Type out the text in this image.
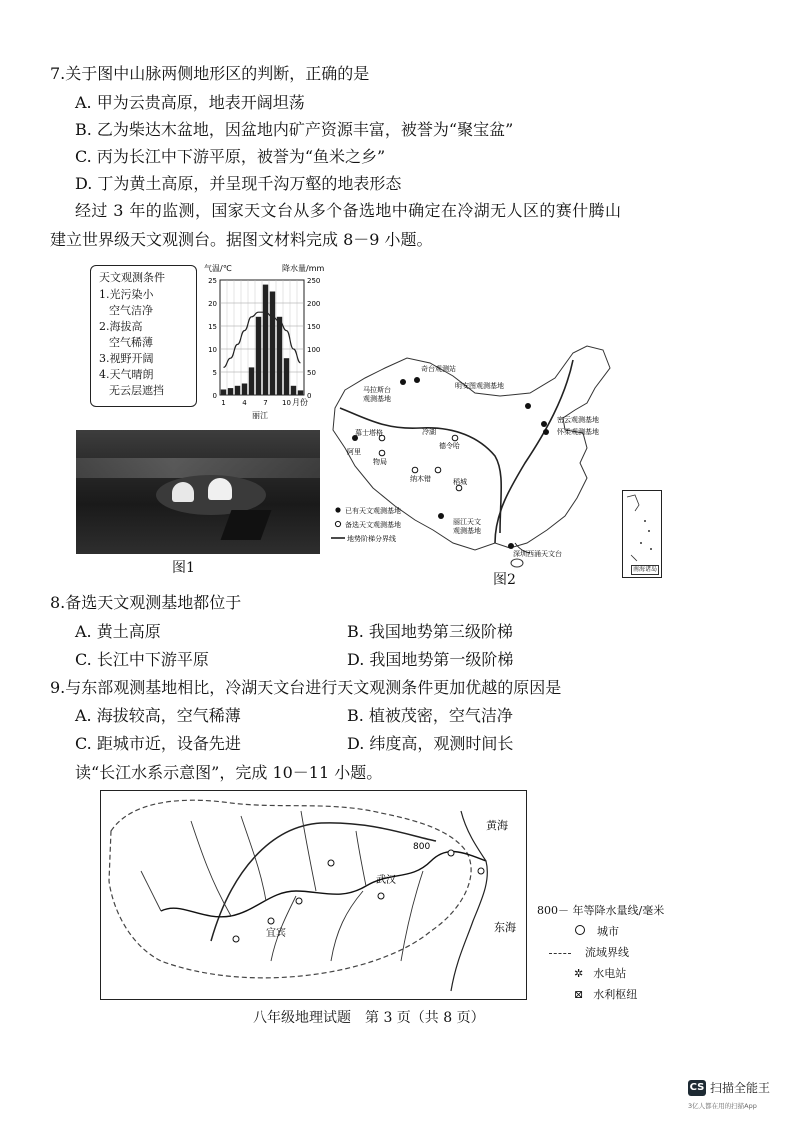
7.关于图中山脉两侧地形区的判断，正确的是
A. 甲为云贵高原，地表开阔坦荡
B. 乙为柴达木盆地，因盆地内矿产资源丰富，被誉为“聚宝盆”
C. 丙为长江中下游平原，被誉为“鱼米之乡”
D. 丁为黄土高原，并呈现千沟万壑的地表形态
经过 3 年的监测，国家天文台从多个备选地中确定在冷湖无人区的赛什腾山
建立世界级天文观测台。据图文材料完成 8－9 小题。
天文观测条件
1.光污染小
空气洁净
2.海拔高
空气稀薄
3.视野开阔
4.天气晴朗
无云层遮挡
气温/℃	降水量/mm
0
5
10
15
20
25
0
50
100
150
200
250
1 4 7 10 月份
丽江
图1
奇台观测站
马拉斯台
观测基地
明安图观测基地
密云观测基地
怀柔观测基地
冷湖
德令哈
慕士塔格
阿里
物局
纳木错	稻城
丽江天文
观测基地
深圳西涌天文台
已有天文观测基地
备选天文观测基地
地势阶梯分界线
南海诸岛
图2
8.备选天文观测基地都位于
A. 黄土高原	B. 我国地势第三级阶梯
C. 长江中下游平原	D. 我国地势第一级阶梯
9.与东部观测基地相比，冷湖天文台进行天文观测条件更加优越的原因是
A. 海拔较高，空气稀薄	B. 植被茂密，空气洁净
C. 距城市近，设备先进	D. 纬度高，观测时间长
读“长江水系示意图”，完成 10－11 小题。
800
武汉
宜宾
黄海
东海
800－ 年等降水量线/毫米
城市
流域界线
✲ 水电站
⊠ 水利枢纽
八年级地理试题　第 3 页（共 8 页）
CS 扫描全能王
3亿人都在用的扫描App
